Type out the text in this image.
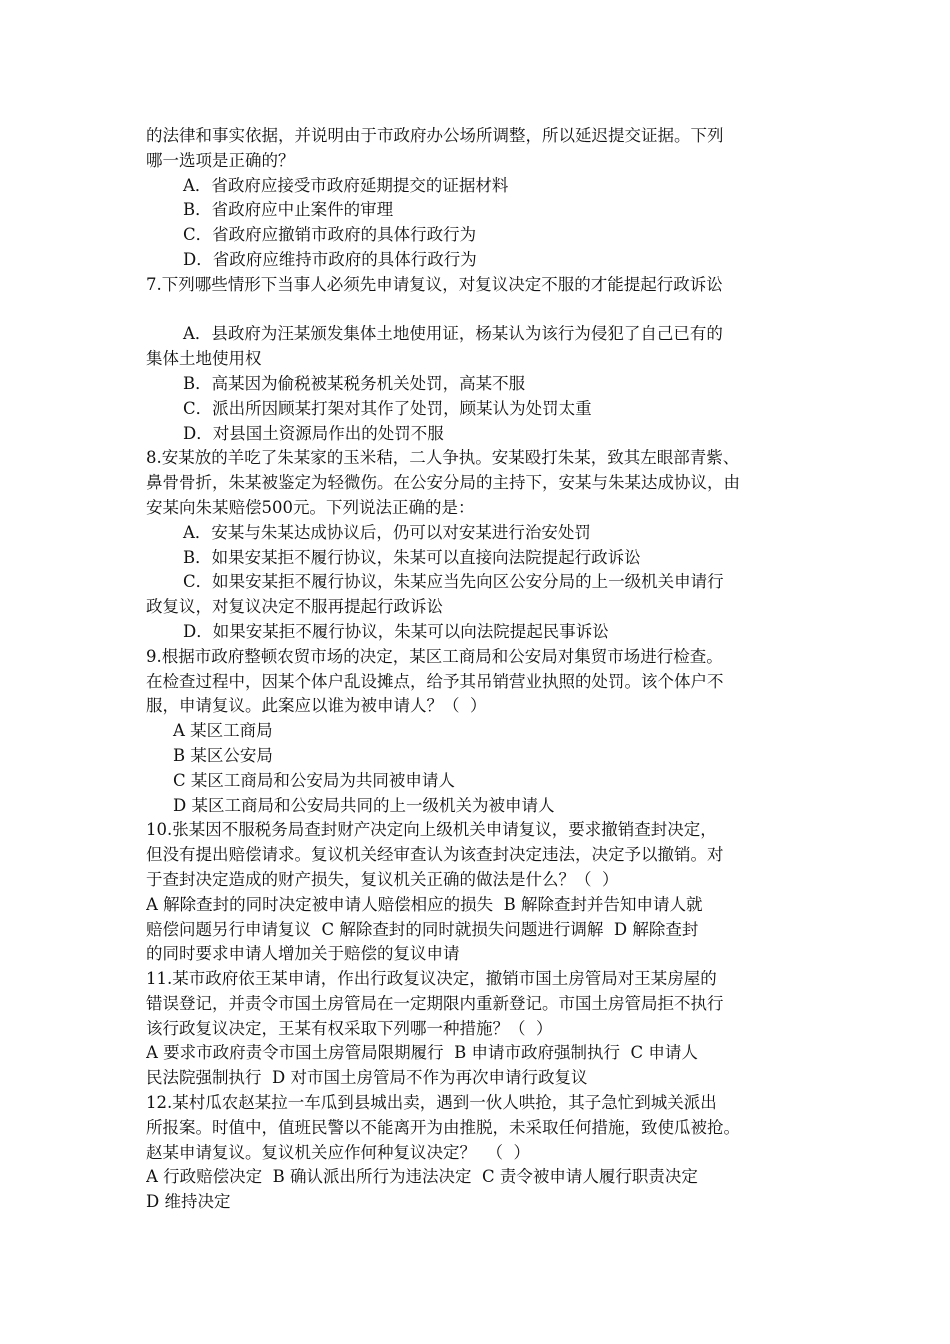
的法律和事实依据，并说明由于市政府办公场所调整，所以延迟提交证据。下列
哪一选项是正确的？
A．省政府应接受市政府延期提交的证据材料
B．省政府应中止案件的审理
C．省政府应撤销市政府的具体行政行为
D．省政府应维持市政府的具体行政行为
7.下列哪些情形下当事人必须先申请复议，对复议决定不服的才能提起行政诉讼
A．县政府为汪某颁发集体土地使用证，杨某认为该行为侵犯了自己已有的
集体土地使用权
B．高某因为偷税被某税务机关处罚，高某不服
C．派出所因顾某打架对其作了处罚，顾某认为处罚太重
D．对县国土资源局作出的处罚不服
8.安某放的羊吃了朱某家的玉米秸，二人争执。安某殴打朱某，致其左眼部青紫、
鼻骨骨折，朱某被鉴定为轻微伤。在公安分局的主持下，安某与朱某达成协议，由
安某向朱某赔偿500元。下列说法正确的是：
A．安某与朱某达成协议后，仍可以对安某进行治安处罚
B．如果安某拒不履行协议，朱某可以直接向法院提起行政诉讼
C．如果安某拒不履行协议，朱某应当先向区公安分局的上一级机关申请行
政复议，对复议决定不服再提起行政诉讼
D．如果安某拒不履行协议，朱某可以向法院提起民事诉讼
9.根据市政府整顿农贸市场的决定，某区工商局和公安局对集贸市场进行检查。
在检查过程中，因某个体户乱设摊点，给予其吊销营业执照的处罚。该个体户不
服，申请复议。此案应以谁为被申请人？（  ）
A 某区工商局
B 某区公安局
C 某区工商局和公安局为共同被申请人
D 某区工商局和公安局共同的上一级机关为被申请人
10.张某因不服税务局查封财产决定向上级机关申请复议，要求撤销查封决定，
但没有提出赔偿请求。复议机关经审查认为该查封决定违法，决定予以撤销。对
于查封决定造成的财产损失，复议机关正确的做法是什么？（  ）
A 解除查封的同时决定被申请人赔偿相应的损失  B 解除查封并告知申请人就
赔偿问题另行申请复议  C 解除查封的同时就损失问题进行调解  D 解除查封
的同时要求申请人增加关于赔偿的复议申请
11.某市政府依王某申请，作出行政复议决定，撤销市国土房管局对王某房屋的
错误登记，并责令市国土房管局在一定期限内重新登记。市国土房管局拒不执行
该行政复议决定，王某有权采取下列哪一种措施？（  ）
A 要求市政府责令市国土房管局限期履行  B 申请市政府强制执行  C 申请人
民法院强制执行  D 对市国土房管局不作为再次申请行政复议
12.某村瓜农赵某拉一车瓜到县城出卖，遇到一伙人哄抢，其子急忙到城关派出
所报案。时值中，值班民警以不能离开为由推脱，未采取任何措施，致使瓜被抢。
赵某申请复议。复议机关应作何种复议决定？  （  ）
A 行政赔偿决定  B 确认派出所行为违法决定  C 责令被申请人履行职责决定
D 维持决定
